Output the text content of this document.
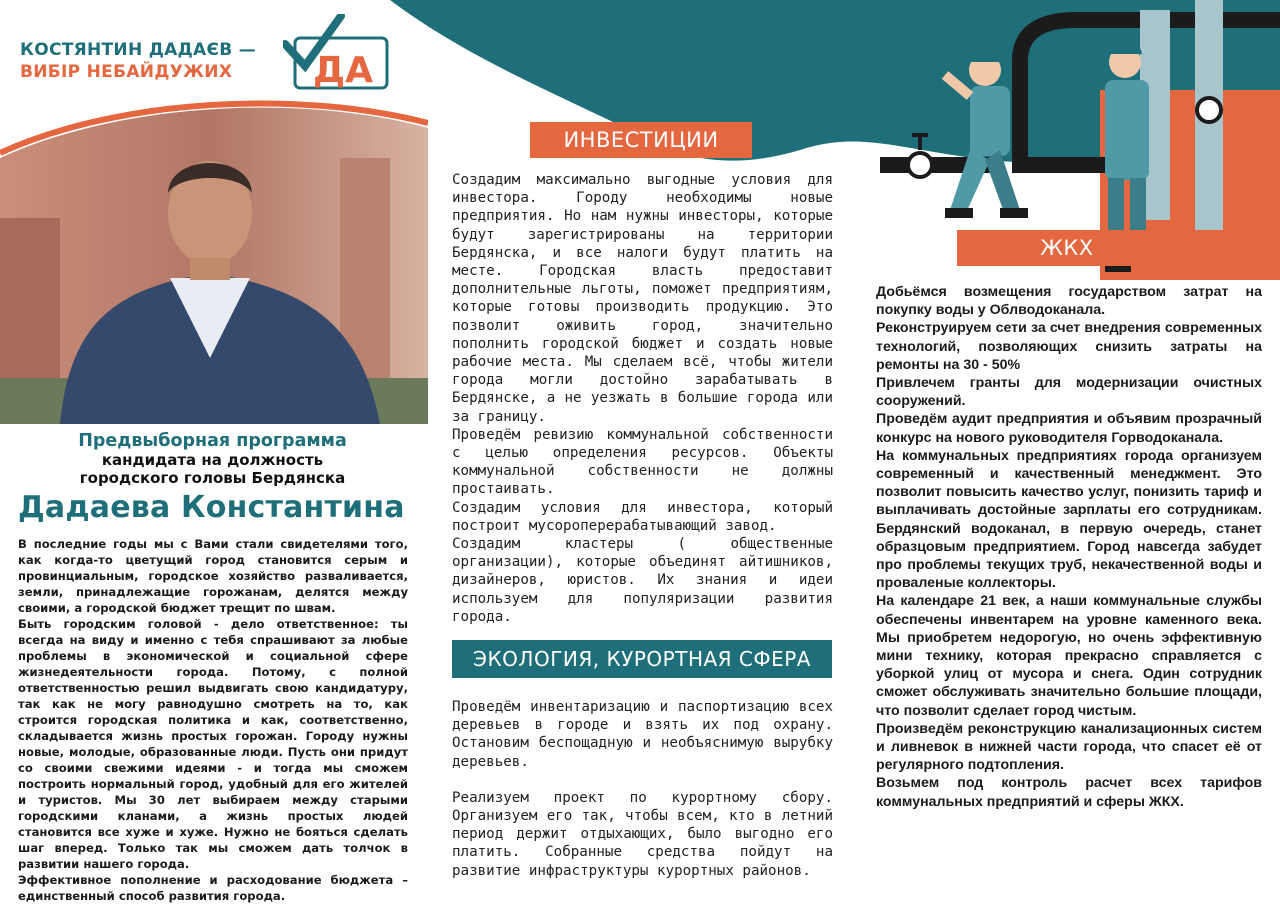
КОСТЯНТИН ДАДАЄВ —
ВИБІР НЕБАЙДУЖИХ	ДА
Предвыборная программа
кандидата на должность
городского головы Бердянска
Дадаева Константина

В последние годы мы с Вами стали свидетелями того, как когда-то цветущий город становится серым и провинциальным, городское хозяйство разваливается, земли, принадлежащие горожанам, делятся между своими, а городской бюджет трещит по швам.

Быть городским головой - дело ответственное: ты всегда на виду и именно с тебя спрашивают за любые проблемы в экономической и социальной сфере жизнедеятельности города. Потому, с полной ответственностью решил выдвигать свою кандидатуру, так как не могу равнодушно смотреть на то, как строится городская политика и как, соответственно, складывается жизнь простых горожан. Городу нужны новые, молодые, образованные люди. Пусть они придут со своими свежими идеями - и тогда мы сможем построить нормальный город, удобный для его жителей и туристов. Мы 30 лет выбираем между старыми городскими кланами, а жизнь простых людей становится все хуже и хуже. Нужно не бояться сделать шаг вперед. Только так мы сможем дать толчок в развитии нашего города.

Эффективное пополнение и расходование бюджета – единственный способ развития города.

ИНВЕСТИЦИИ

Создадим максимально выгодные условия для инвестора. Городу необходимы новые предприятия. Но нам нужны инвесторы, которые будут зарегистрированы на территории Бердянска, и все налоги будут платить на месте. Городская власть предоставит дополнительные льготы, поможет предприятиям, которые готовы производить продукцию. Это позволит оживить город, значительно пополнить городской бюджет и создать новые рабочие места. Мы сделаем всё, чтобы жители города могли достойно зарабатывать в Бердянске, а не уезжать в большие города или за границу.

Проведём ревизию коммунальной собственности с целью определения ресурсов. Объекты коммунальной собственности не должны простаивать.

Создадим условия для инвестора, который построит мусороперерабатывающий завод.

Создадим кластеры ( общественные организации), которые объединят айтишников, дизайнеров, юристов. Их знания и идеи используем для популяризации развития города.

ЭКОЛОГИЯ, КУРОРТНАЯ СФЕРА

Проведём инвентаризацию и паспортизацию всех деревьев в городе и взять их под охрану. Остановим беспощадную и необъяснимую вырубку деревьев.

Реализуем проект по курортному сбору. Организуем его так, чтобы всем, кто в летний период держит отдыхающих, было выгодно его платить. Собранные средства пойдут на развитие инфраструктуры курортных районов.

ЖКХ

Добьёмся возмещения государством затрат на покупку воды у Облводоканала.

Реконструируем сети за счет внедрения современных технологий, позволяющих снизить затраты на ремонты на 30 - 50%

Привлечем гранты для модернизации очистных сооружений.

Проведём аудит предприятия и объявим прозрачный конкурс на нового руководителя Горводоканала.

На коммунальных предприятиях города организуем современный и качественный менеджмент. Это позволит повысить качество услуг, понизить тариф и выплачивать достойные зарплаты его сотрудникам. Бердянский водоканал, в первую очередь, станет образцовым предприятием. Город навсегда забудет про проблемы текущих труб, некачественной воды и проваленые коллекторы.

На календаре 21 век, а наши коммунальные службы обеспечены инвентарем на уровне каменного века. Мы приобретем недорогую, но очень эффективную мини технику, которая прекрасно справляется с уборкой улиц от мусора и снега. Один сотрудник сможет обслуживать значительно большие площади, что позволит сделает город чистым.

Произведём реконструкцию канализационных систем и ливневок в нижней части города, что спасет её от регулярного подтопления.

Возьмем под контроль расчет всех тарифов коммунальных предприятий и сферы ЖКХ.
